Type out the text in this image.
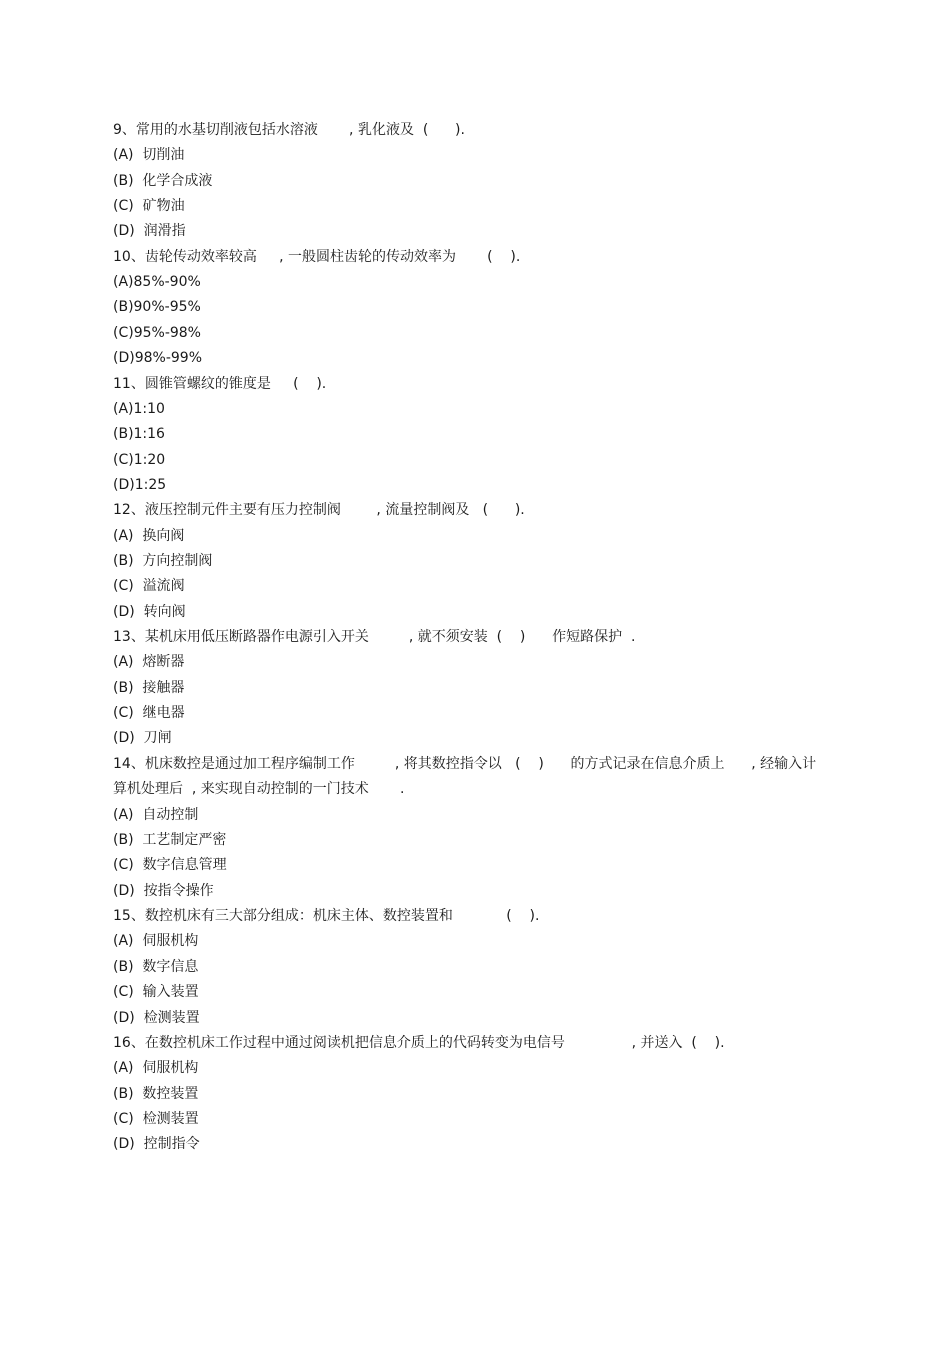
9、常用的水基切削液包括水溶液       , 乳化液及  (      ).
(A)  切削油
(B)  化学合成液
(C)  矿物油
(D)  润滑指
10、齿轮传动效率较高     , 一般圆柱齿轮的传动效率为       (    ).
(A)85%-90%
(B)90%-95%
(C)95%-98%
(D)98%-99%
11、圆锥管螺纹的锥度是     (    ).
(A)1:10
(B)1:16
(C)1:20
(D)1:25
12、液压控制元件主要有压力控制阀        , 流量控制阀及   (      ).
(A)  换向阀
(B)  方向控制阀
(C)  溢流阀
(D)  转向阀
13、某机床用低压断路器作电源引入开关         , 就不须安装  (    )      作短路保护  .
(A)  熔断器
(B)  接触器
(C)  继电器
(D)  刀闸
14、机床数控是通过加工程序编制工作         , 将其数控指令以   (    )      的方式记录在信息介质上      , 经输入计
算机处理后  , 来实现自动控制的一门技术       .
(A)  自动控制
(B)  工艺制定严密
(C)  数字信息管理
(D)  按指令操作
15、数控机床有三大部分组成：机床主体、数控装置和            (    ).
(A)  伺服机构
(B)  数字信息
(C)  输入装置
(D)  检测装置
16、在数控机床工作过程中通过阅读机把信息介质上的代码转变为电信号               , 并送入  (    ).
(A)  伺服机构
(B)  数控装置
(C)  检测装置
(D)  控制指令
